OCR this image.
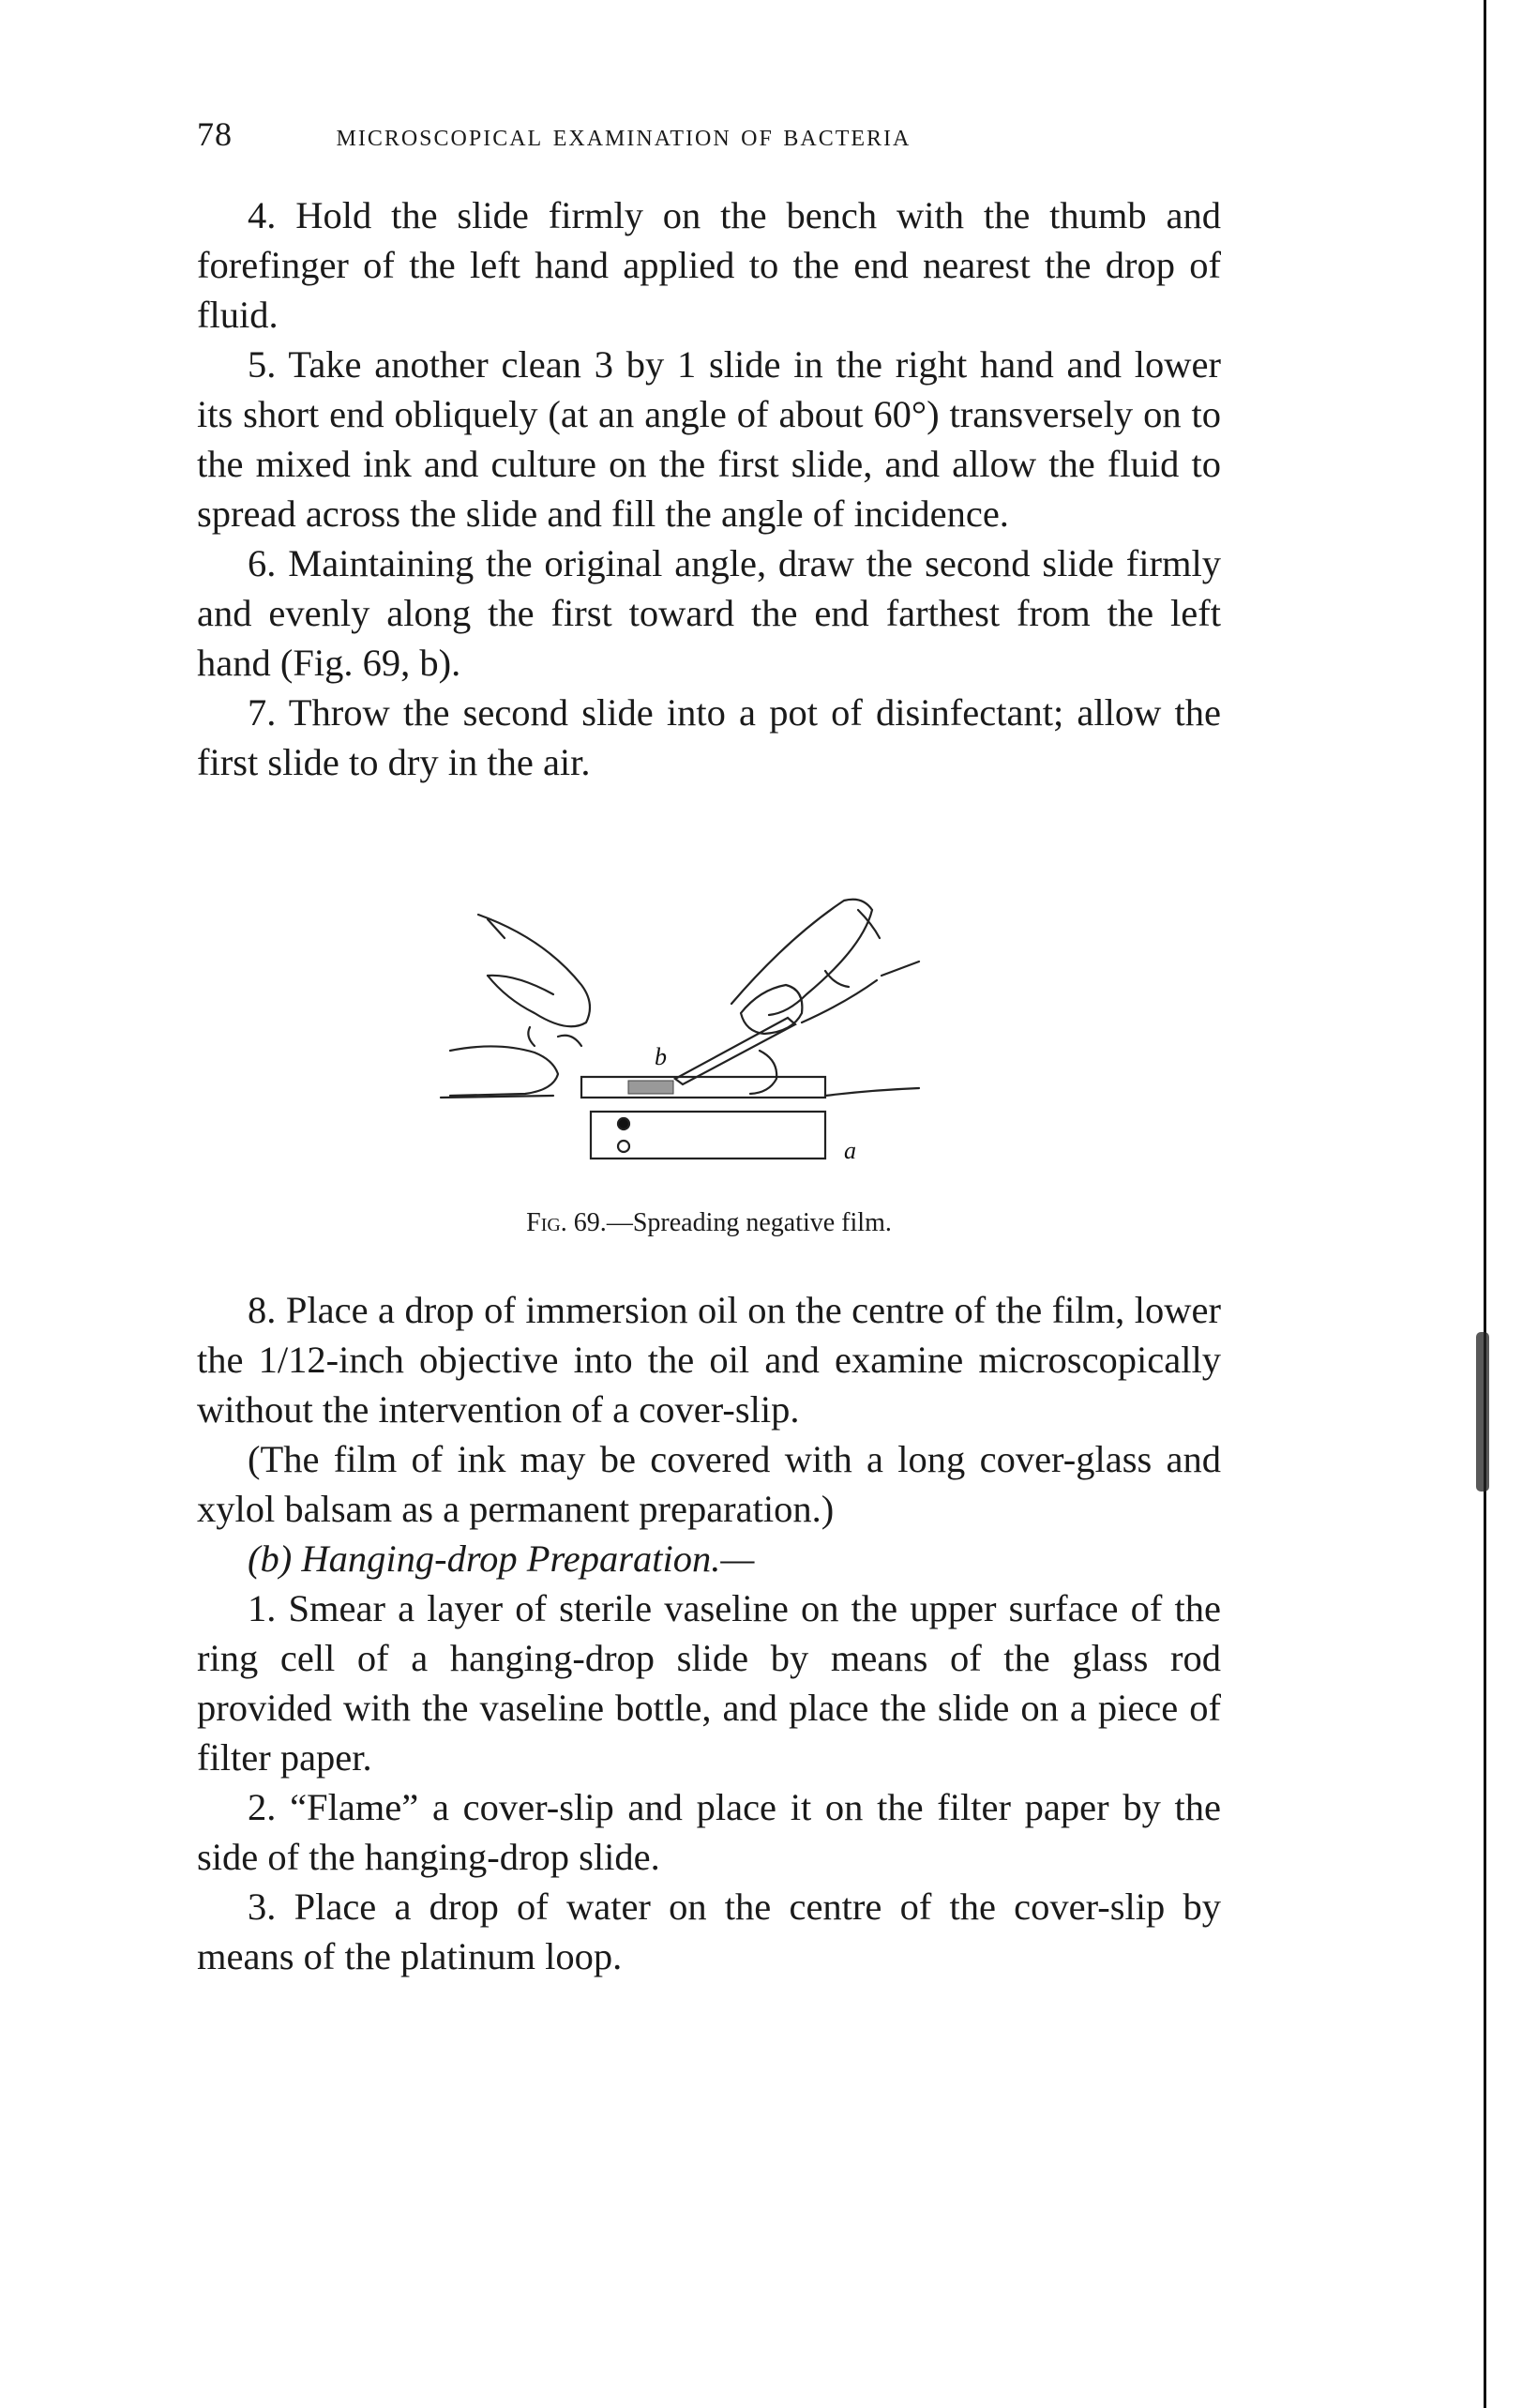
78	microscopical examination of bacteria

4. Hold the slide firmly on the bench with the thumb and forefinger of the left hand applied to the end nearest the drop of fluid.

5. Take another clean 3 by 1 slide in the right hand and lower its short end obliquely (at an angle of about 60°) transversely on to the mixed ink and culture on the first slide, and allow the fluid to spread across the slide and fill the angle of incidence.

6. Maintaining the original angle, draw the second slide firmly and evenly along the first toward the end farthest from the left hand (Fig. 69, b).

7. Throw the second slide into a pot of disinfectant; allow the first slide to dry in the air.

b
a
Fig. 69.—Spreading negative film.

8. Place a drop of immersion oil on the centre of the film, lower the 1/12-inch objective into the oil and examine microscopically without the intervention of a cover-slip.

(The film of ink may be covered with a long cover-glass and xylol balsam as a permanent preparation.)

(b) Hanging-drop Preparation.—

1. Smear a layer of sterile vaseline on the upper surface of the ring cell of a hanging-drop slide by means of the glass rod provided with the vaseline bottle, and place the slide on a piece of filter paper.

2. “Flame” a cover-slip and place it on the filter paper by the side of the hanging-drop slide.

3. Place a drop of water on the centre of the cover-slip by means of the platinum loop.
